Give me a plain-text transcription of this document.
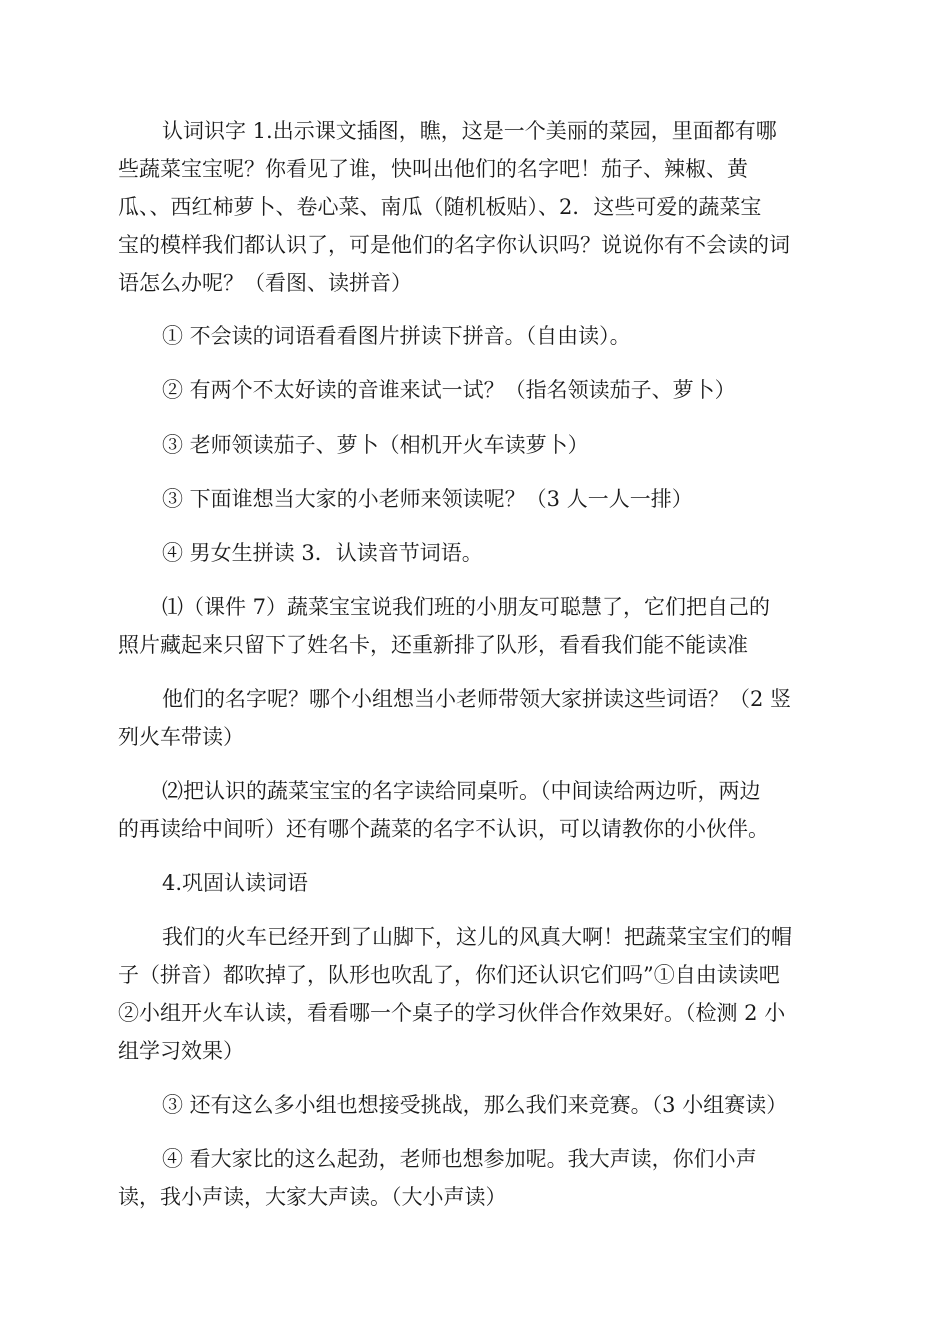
认词识字 1.出示课文插图，瞧，这是一个美丽的菜园，里面都有哪
些蔬菜宝宝呢？你看见了谁，快叫出他们的名字吧！茄子、辣椒、黄
瓜、、西红柿萝卜、卷心菜、南瓜（随机板贴）、2．这些可爱的蔬菜宝
宝的模样我们都认识了，可是他们的名字你认识吗？说说你有不会读的词
语怎么办呢？（看图、读拼音）
① 不会读的词语看看图片拼读下拼音。（自由读）。
② 有两个不太好读的音谁来试一试？（指名领读茄子、萝卜）
③ 老师领读茄子、萝卜（相机开火车读萝卜）
③ 下面谁想当大家的小老师来领读呢？（3 人一人一排）
④ 男女生拼读 3．认读音节词语。
⑴（课件 7）蔬菜宝宝说我们班的小朋友可聪慧了，它们把自己的
照片藏起来只留下了姓名卡，还重新排了队形，看看我们能不能读准
他们的名字呢？哪个小组想当小老师带领大家拼读这些词语？（2 竖
列火车带读）
⑵把认识的蔬菜宝宝的名字读给同桌听。（中间读给两边听，两边
的再读给中间听）还有哪个蔬菜的名字不认识，可以请教你的小伙伴。
4.巩固认读词语
我们的火车已经开到了山脚下，这儿的风真大啊！把蔬菜宝宝们的帽
子（拼音）都吹掉了，队形也吹乱了，你们还认识它们吗”①自由读读吧
②小组开火车认读，看看哪一个桌子的学习伙伴合作效果好。（检测 2 小
组学习效果）
③ 还有这么多小组也想接受挑战，那么我们来竞赛。（3 小组赛读）
④ 看大家比的这么起劲，老师也想参加呢。我大声读，你们小声
读，我小声读，大家大声读。（大小声读）
